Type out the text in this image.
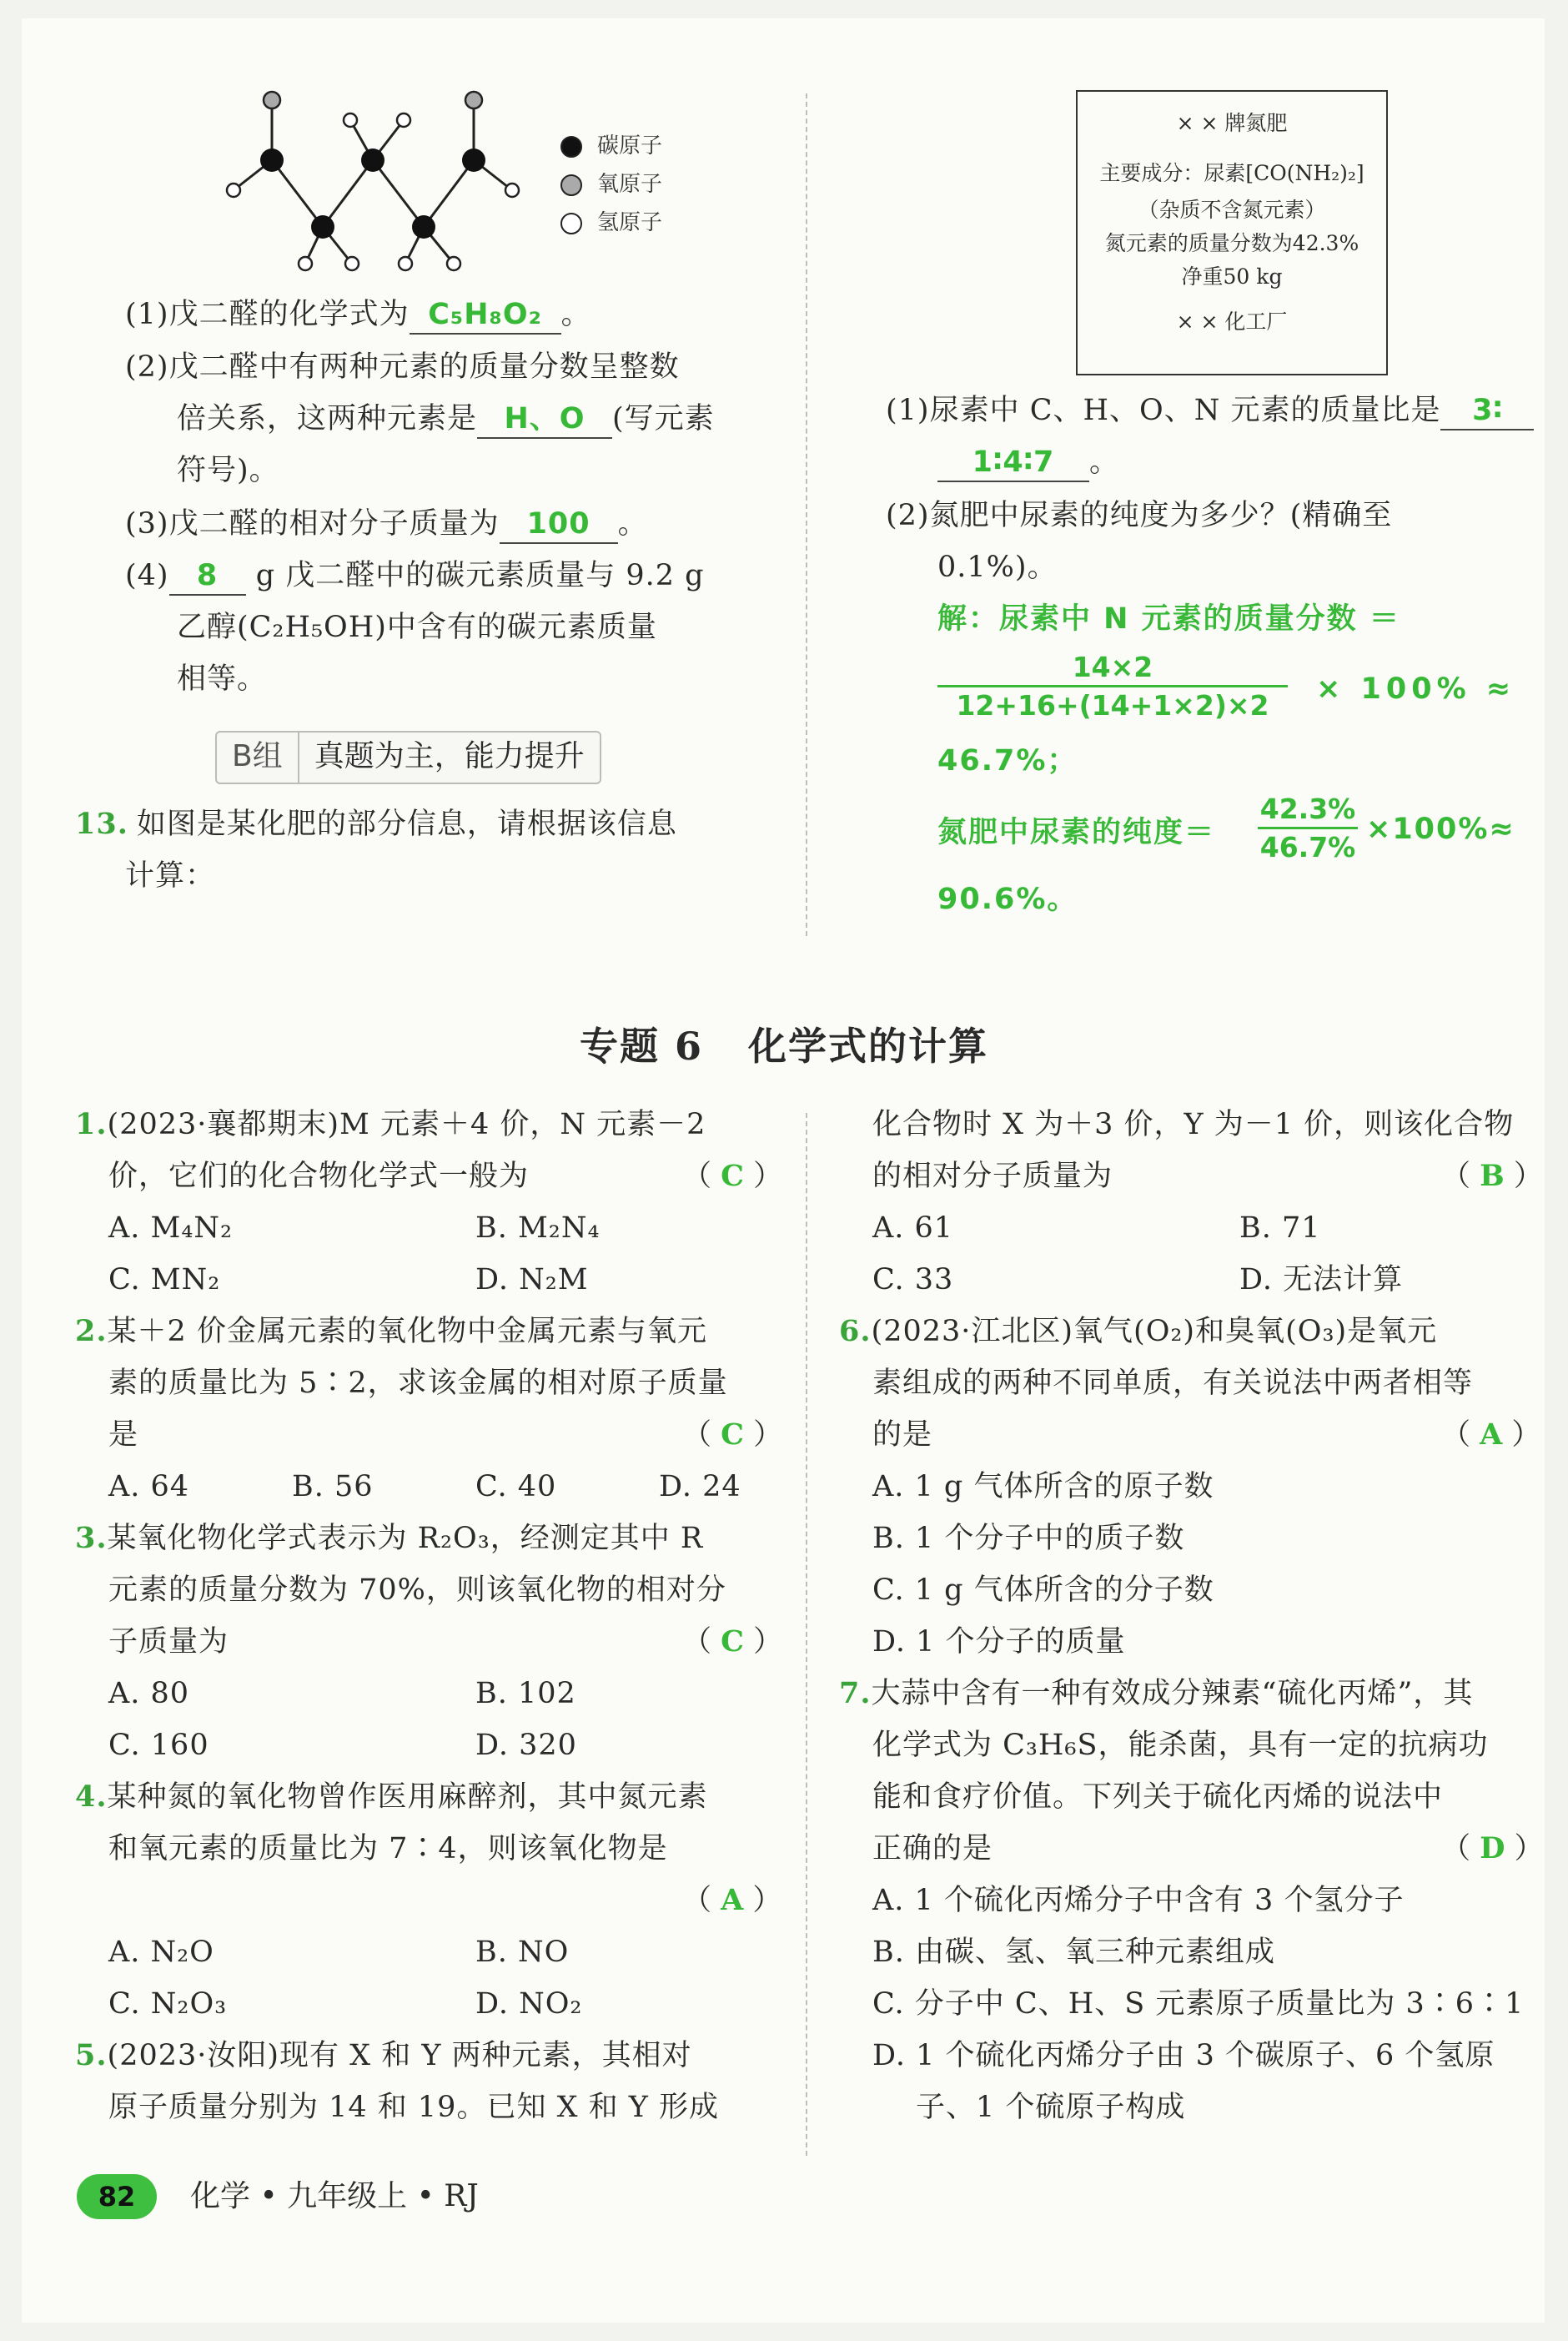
碳原子
氧原子
氢原子
(1)戊二醛的化学式为 C₅H₈O₂ 。
(2)戊二醛中有两种元素的质量分数呈整数
倍关系，这两种元素是 H、O (写元素
符号)。
(3)戊二醛的相对分子质量为 100 。
(4) 8 g 戊二醛中的碳元素质量与 9.2 g
乙醇(C₂H₅OH)中含有的碳元素质量
相等。
B组	真题为主，能力提升
13. 如图是某化肥的部分信息，请根据该信息
计算：
× × 牌氮肥
主要成分：尿素[CO(NH₂)₂]
（杂质不含氮元素）
氮元素的质量分数为42.3%
净重50 kg
× × 化工厂
(1)尿素中 C、H、O、N 元素的质量比是 3∶
1∶4∶7 。
(2)氮肥中尿素的纯度为多少？(精确至
0.1%)。
解：尿素中 N 元素的质量分数 ＝
14×2
12+16+(14+1×2)×2	× 100% ≈
46.7%；
氮肥中尿素的纯度＝
42.3%
46.7%
×100%≈
90.6%。
专题 6   化学式的计算
1.(2023·襄都期末)M 元素＋4 价，N 元素－2
价，它们的化合物化学式一般为	（ C ）
A. M₄N₂	B. M₂N₄
C. MN₂	D. N₂M
2.某＋2 价金属元素的氧化物中金属元素与氧元
素的质量比为 5∶2，求该金属的相对原子质量
是	（ C ）
A. 64	B. 56	C. 40	D. 24
3.某氧化物化学式表示为 R₂O₃，经测定其中 R
元素的质量分数为 70%，则该氧化物的相对分
子质量为	（ C ）
A. 80	B. 102
C. 160	D. 320
4.某种氮的氧化物曾作医用麻醉剂，其中氮元素
和氧元素的质量比为 7∶4，则该氧化物是
（ A ）
A. N₂O	B. NO
C. N₂O₃	D. NO₂
5.(2023·汝阳)现有 X 和 Y 两种元素，其相对
原子质量分别为 14 和 19。已知 X 和 Y 形成
化合物时 X 为＋3 价，Y 为－1 价，则该化合物
的相对分子质量为	（ B ）
A. 61	B. 71
C. 33	D. 无法计算
6.(2023·江北区)氧气(O₂)和臭氧(O₃)是氧元
素组成的两种不同单质，有关说法中两者相等
的是	（ A ）
A. 1 g 气体所含的原子数
B. 1 个分子中的质子数
C. 1 g 气体所含的分子数
D. 1 个分子的质量
7.大蒜中含有一种有效成分辣素“硫化丙烯”，其
化学式为 C₃H₆S，能杀菌，具有一定的抗病功
能和食疗价值。下列关于硫化丙烯的说法中
正确的是	（ D ）
A. 1 个硫化丙烯分子中含有 3 个氢分子
B. 由碳、氢、氧三种元素组成
C. 分子中 C、H、S 元素原子质量比为 3∶6∶1
D. 1 个硫化丙烯分子由 3 个碳原子、6 个氢原
子、1 个硫原子构成
82	化学 • 九年级上 • RJ
